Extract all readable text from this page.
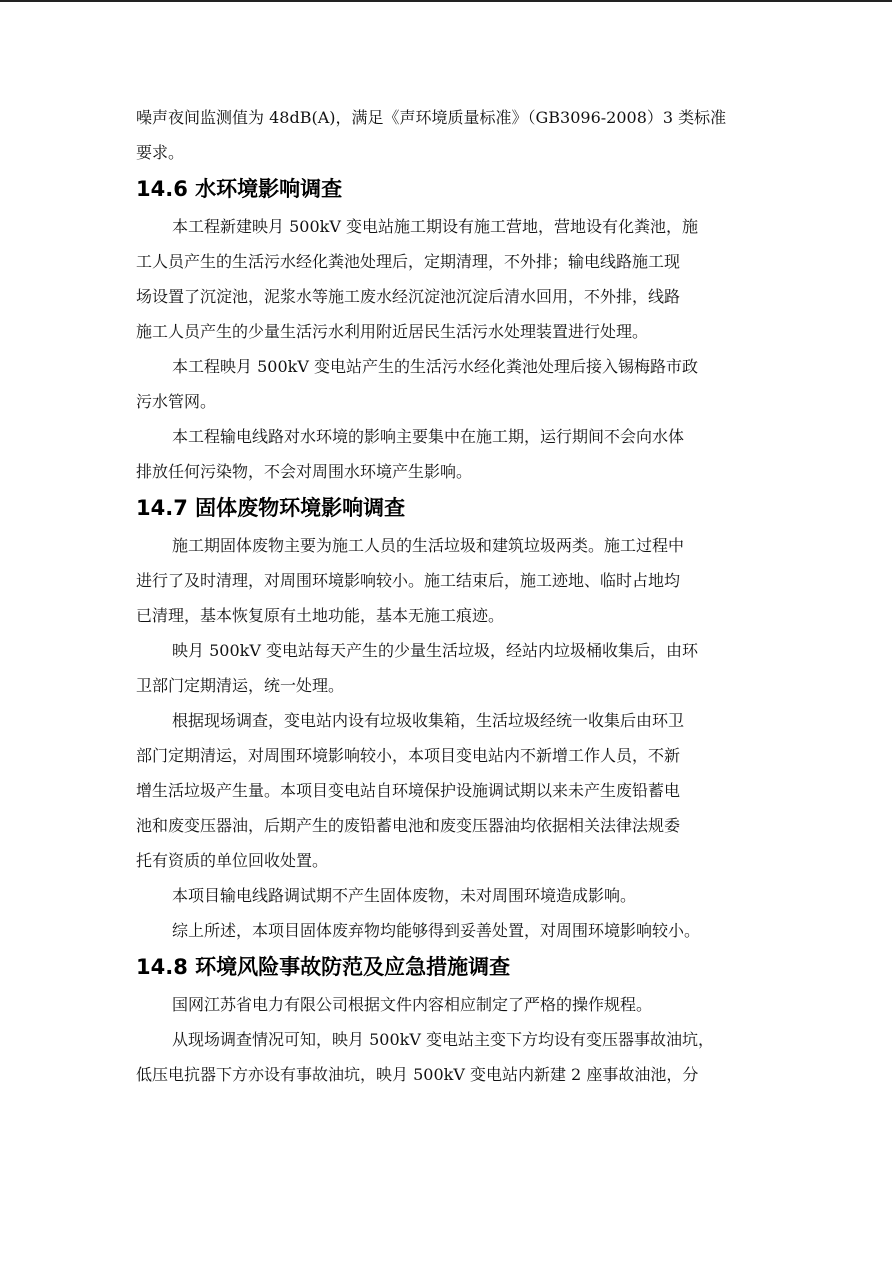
噪声夜间监测值为 48dB(A)，满足《声环境质量标准》（GB3096-2008）3 类标准
要求。
14.6 水环境影响调查
本工程新建映月 500kV 变电站施工期设有施工营地，营地设有化粪池，施
工人员产生的生活污水经化粪池处理后，定期清理，不外排；输电线路施工现
场设置了沉淀池，泥浆水等施工废水经沉淀池沉淀后清水回用，不外排，线路
施工人员产生的少量生活污水利用附近居民生活污水处理装置进行处理。
本工程映月 500kV 变电站产生的生活污水经化粪池处理后接入锡梅路市政
污水管网。
本工程输电线路对水环境的影响主要集中在施工期，运行期间不会向水体
排放任何污染物，不会对周围水环境产生影响。
14.7 固体废物环境影响调查
施工期固体废物主要为施工人员的生活垃圾和建筑垃圾两类。施工过程中
进行了及时清理，对周围环境影响较小。施工结束后，施工迹地、临时占地均
已清理，基本恢复原有土地功能，基本无施工痕迹。
映月 500kV 变电站每天产生的少量生活垃圾，经站内垃圾桶收集后，由环
卫部门定期清运，统一处理。
根据现场调查，变电站内设有垃圾收集箱，生活垃圾经统一收集后由环卫
部门定期清运，对周围环境影响较小，本项目变电站内不新增工作人员，不新
增生活垃圾产生量。本项目变电站自环境保护设施调试期以来未产生废铅蓄电
池和废变压器油，后期产生的废铅蓄电池和废变压器油均依据相关法律法规委
托有资质的单位回收处置。
本项目输电线路调试期不产生固体废物，未对周围环境造成影响。
综上所述，本项目固体废弃物均能够得到妥善处置，对周围环境影响较小。
14.8 环境风险事故防范及应急措施调查
国网江苏省电力有限公司根据文件内容相应制定了严格的操作规程。
从现场调查情况可知，映月 500kV 变电站主变下方均设有变压器事故油坑，
低压电抗器下方亦设有事故油坑，映月 500kV 变电站内新建 2 座事故油池，分
